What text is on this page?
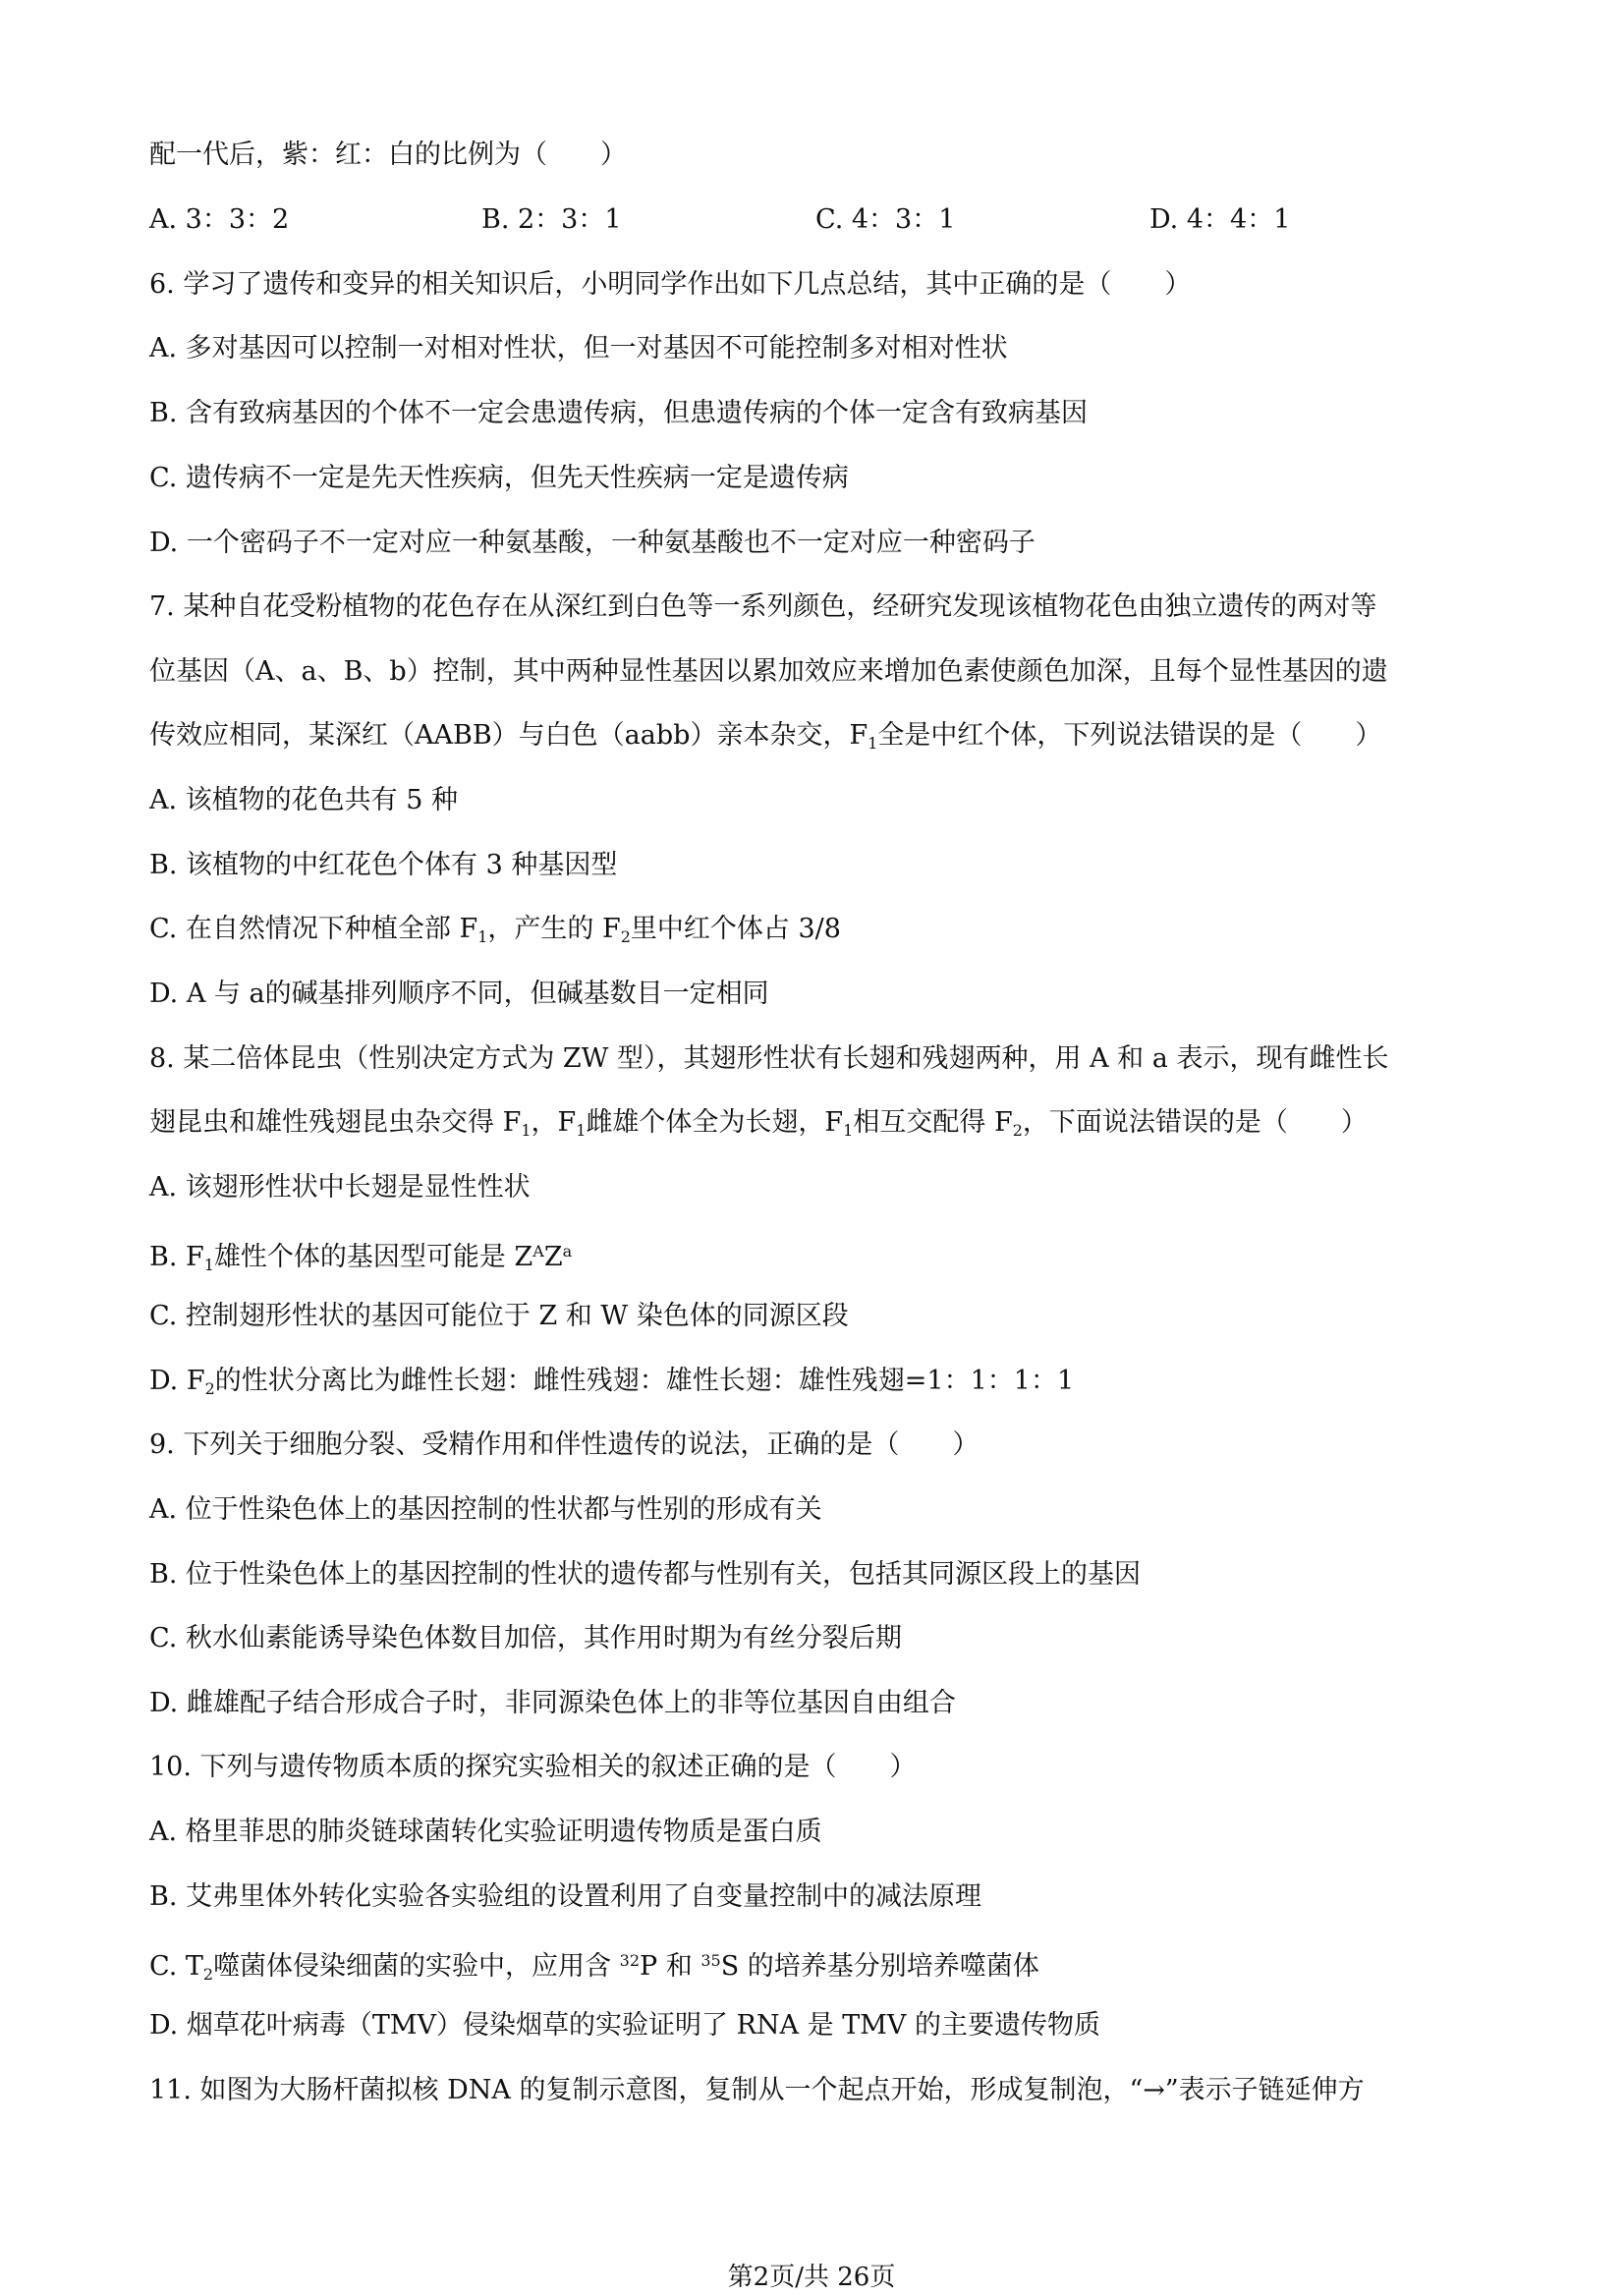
配一代后，紫：红：白的比例为（　　）
A. 3：3：2	B. 2：3：1	C. 4：3：1	D. 4：4：1
6. 学习了遗传和变异的相关知识后，小明同学作出如下几点总结，其中正确的是（　　）
A. 多对基因可以控制一对相对性状，但一对基因不可能控制多对相对性状
B. 含有致病基因的个体不一定会患遗传病，但患遗传病的个体一定含有致病基因
C. 遗传病不一定是先天性疾病，但先天性疾病一定是遗传病
D. 一个密码子不一定对应一种氨基酸，一种氨基酸也不一定对应一种密码子
7. 某种自花受粉植物的花色存在从深红到白色等一系列颜色，经研究发现该植物花色由独立遗传的两对等
位基因（A、a、B、b）控制，其中两种显性基因以累加效应来增加色素使颜色加深，且每个显性基因的遗
传效应相同，某深红（AABB）与白色（aabb）亲本杂交，$F_1$全是中红个体，下列说法错误的是（　　）
A. 该植物的花色共有 5 种
B. 该植物的中红花色个体有 3 种基因型
C. 在自然情况下种植全部 $F_1$，产生的 $F_2$里中红个体占 3/8
D. A 与 a的碱基排列顺序不同，但碱基数目一定相同
8. 某二倍体昆虫（性别决定方式为 ZW 型），其翅形性状有长翅和残翅两种，用 A 和 a 表示，现有雌性长
翅昆虫和雄性残翅昆虫杂交得 $F_1$，$F_1$雌雄个体全为长翅，$F_1$相互交配得 $F_2$，下面说法错误的是（　　）
A. 该翅形性状中长翅是显性性状
B. $F_1$雄性个体的基因型可能是 $Z^AZ^a$
C. 控制翅形性状的基因可能位于 Z 和 W 染色体的同源区段
D. $F_2$的性状分离比为雌性长翅：雌性残翅：雄性长翅：雄性残翅=1：1：1：1
9. 下列关于细胞分裂、受精作用和伴性遗传的说法，正确的是（　　）
A. 位于性染色体上的基因控制的性状都与性别的形成有关
B. 位于性染色体上的基因控制的性状的遗传都与性别有关，包括其同源区段上的基因
C. 秋水仙素能诱导染色体数目加倍，其作用时期为有丝分裂后期
D. 雌雄配子结合形成合子时，非同源染色体上的非等位基因自由组合
10. 下列与遗传物质本质的探究实验相关的叙述正确的是（　　）
A. 格里菲思的肺炎链球菌转化实验证明遗传物质是蛋白质
B. 艾弗里体外转化实验各实验组的设置利用了自变量控制中的减法原理
C. $T_2$噬菌体侵染细菌的实验中，应用含 $^{32}$P 和 $^{35}$S 的培养基分别培养噬菌体
D. 烟草花叶病毒（TMV）侵染烟草的实验证明了 RNA 是 TMV 的主要遗传物质
11. 如图为大肠杆菌拟核 DNA 的复制示意图，复制从一个起点开始，形成复制泡，“→”表示子链延伸方
第2页/共 26页
